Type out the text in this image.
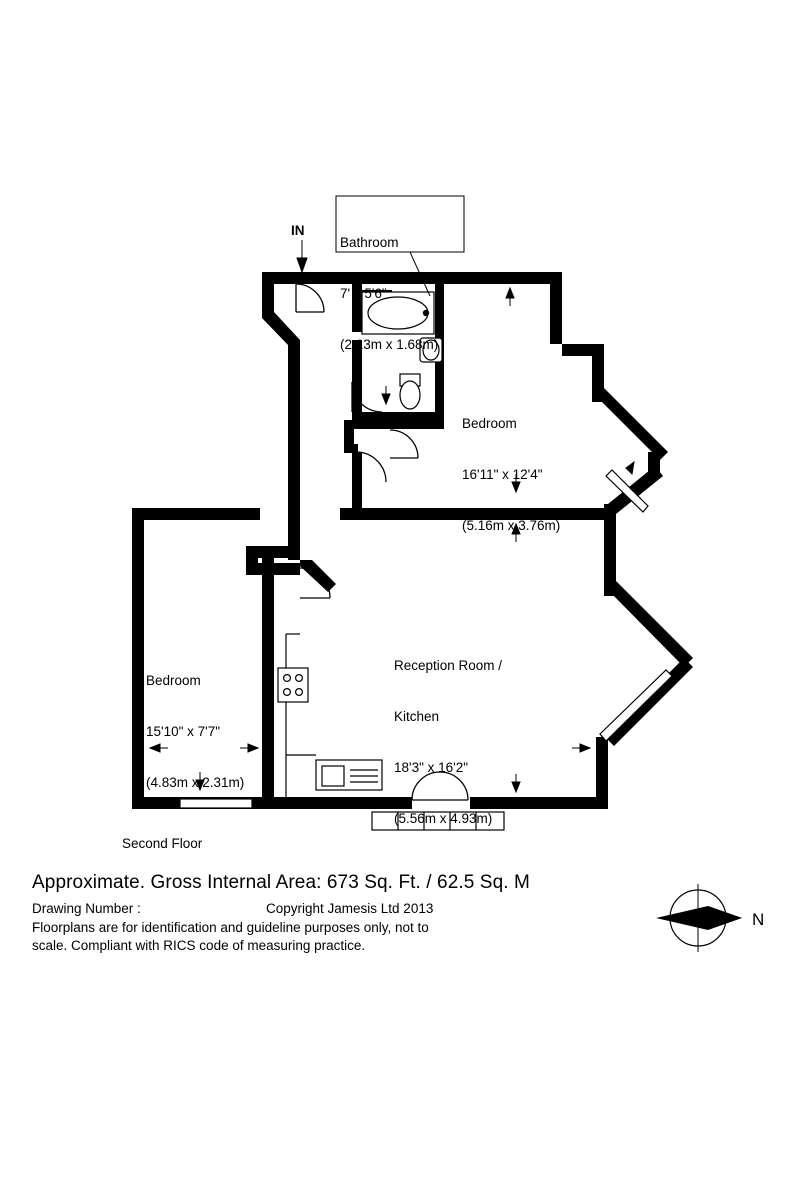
IN

Bathroom

7' x 5'6"

(2.13m x 1.68m)

Bedroom

16'11" x 12'4"

(5.16m x 3.76m)

Bedroom

15'10" x 7'7"

(4.83m x 2.31m)

Reception Room /

Kitchen

18'3" x 16'2"

(5.56m x 4.93m)

Second Floor
Approximate. Gross Internal Area: 673 Sq. Ft. / 62.5 Sq. M
Drawing Number :	Copyright Jamesis Ltd 2013
Floorplans are for identification and guideline purposes only, not to
scale. Compliant with RICS code of measuring practice.
N
